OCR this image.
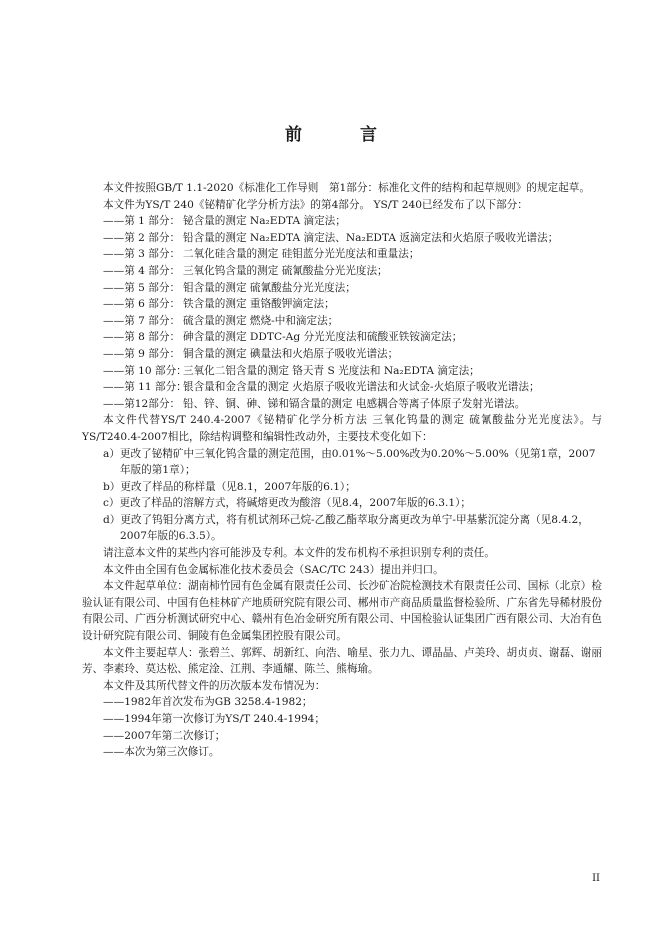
前 言

本文件按照GB/T 1.1-2020《标准化工作导则　第1部分：标准化文件的结构和起草规则》的规定起草。

本文件为YS/T 240《铋精矿化学分析方法》的第4部分。 YS/T 240已经发布了以下部分：

——第 1 部分： 铋含量的测定 Na₂EDTA 滴定法；

——第 2 部分： 铅含量的测定 Na₂EDTA 滴定法、Na₂EDTA 返滴定法和火焰原子吸收光谱法；

——第 3 部分： 二氧化硅含量的测定 硅钼蓝分光光度法和重量法；

——第 4 部分： 三氧化钨含量的测定 硫氰酸盐分光光度法；

——第 5 部分： 钼含量的测定 硫氰酸盐分光光度法；

——第 6 部分： 铁含量的测定 重铬酸钾滴定法；

——第 7 部分： 硫含量的测定 燃烧-中和滴定法；

——第 8 部分： 砷含量的测定 DDTC-Ag 分光光度法和硫酸亚铁铵滴定法；

——第 9 部分： 铜含量的测定 碘量法和火焰原子吸收光谱法；

——第 10 部分：三氧化二铝含量的测定 铬天青 S 光度法和 Na₂EDTA 滴定法；

——第 11 部分：银含量和金含量的测定 火焰原子吸收光谱法和火试金-火焰原子吸收光谱法；

——第12部分： 铅、锌、铜、砷、锑和镉含量的测定 电感耦合等离子体原子发射光谱法。

本文件代替YS/T 240.4-2007《铋精矿化学分析方法 三氧化钨量的测定 硫氰酸盐分光光度法》。与YS/T240.4-2007相比，除结构调整和编辑性改动外，主要技术变化如下：

a）更改了铋精矿中三氧化钨含量的测定范围，由0.01%～5.00%改为0.20%～5.00%（见第1章，2007年版的第1章）；

b）更改了样品的称样量（见8.1，2007年版的6.1）；

c）更改了样品的溶解方式，将碱熔更改为酸溶（见8.4，2007年版的6.3.1）；

d）更改了钨钼分离方式，将有机试剂环己烷-乙酸乙酯萃取分离更改为单宁-甲基紫沉淀分离（见8.4.2，2007年版的6.3.5）。

请注意本文件的某些内容可能涉及专利。本文件的发布机构不承担识别专利的责任。

本文件由全国有色金属标准化技术委员会（SAC/TC 243）提出并归口。

本文件起草单位：湖南柿竹园有色金属有限责任公司、长沙矿冶院检测技术有限责任公司、国标（北京）检验认证有限公司、中国有色桂林矿产地质研究院有限公司、郴州市产商品质量监督检验所、广东省先导稀材股份有限公司、广西分析测试研究中心、赣州有色冶金研究所有限公司、中国检验认证集团广西有限公司、大冶有色设计研究院有限公司、铜陵有色金属集团控股有限公司。

本文件主要起草人：张碧兰、郭辉、胡新红、向浩、喻星、张力九、谭晶晶、卢美玲、胡贞贞、谢磊、谢丽芳、李素玲、莫达松、熊定淦、江荆、李通耀、陈兰、熊梅瑜。

本文件及其所代替文件的历次版本发布情况为：

——1982年首次发布为GB 3258.4-1982；

——1994年第一次修订为YS/T 240.4-1994；

——2007年第二次修订；

——本次为第三次修订。

II
